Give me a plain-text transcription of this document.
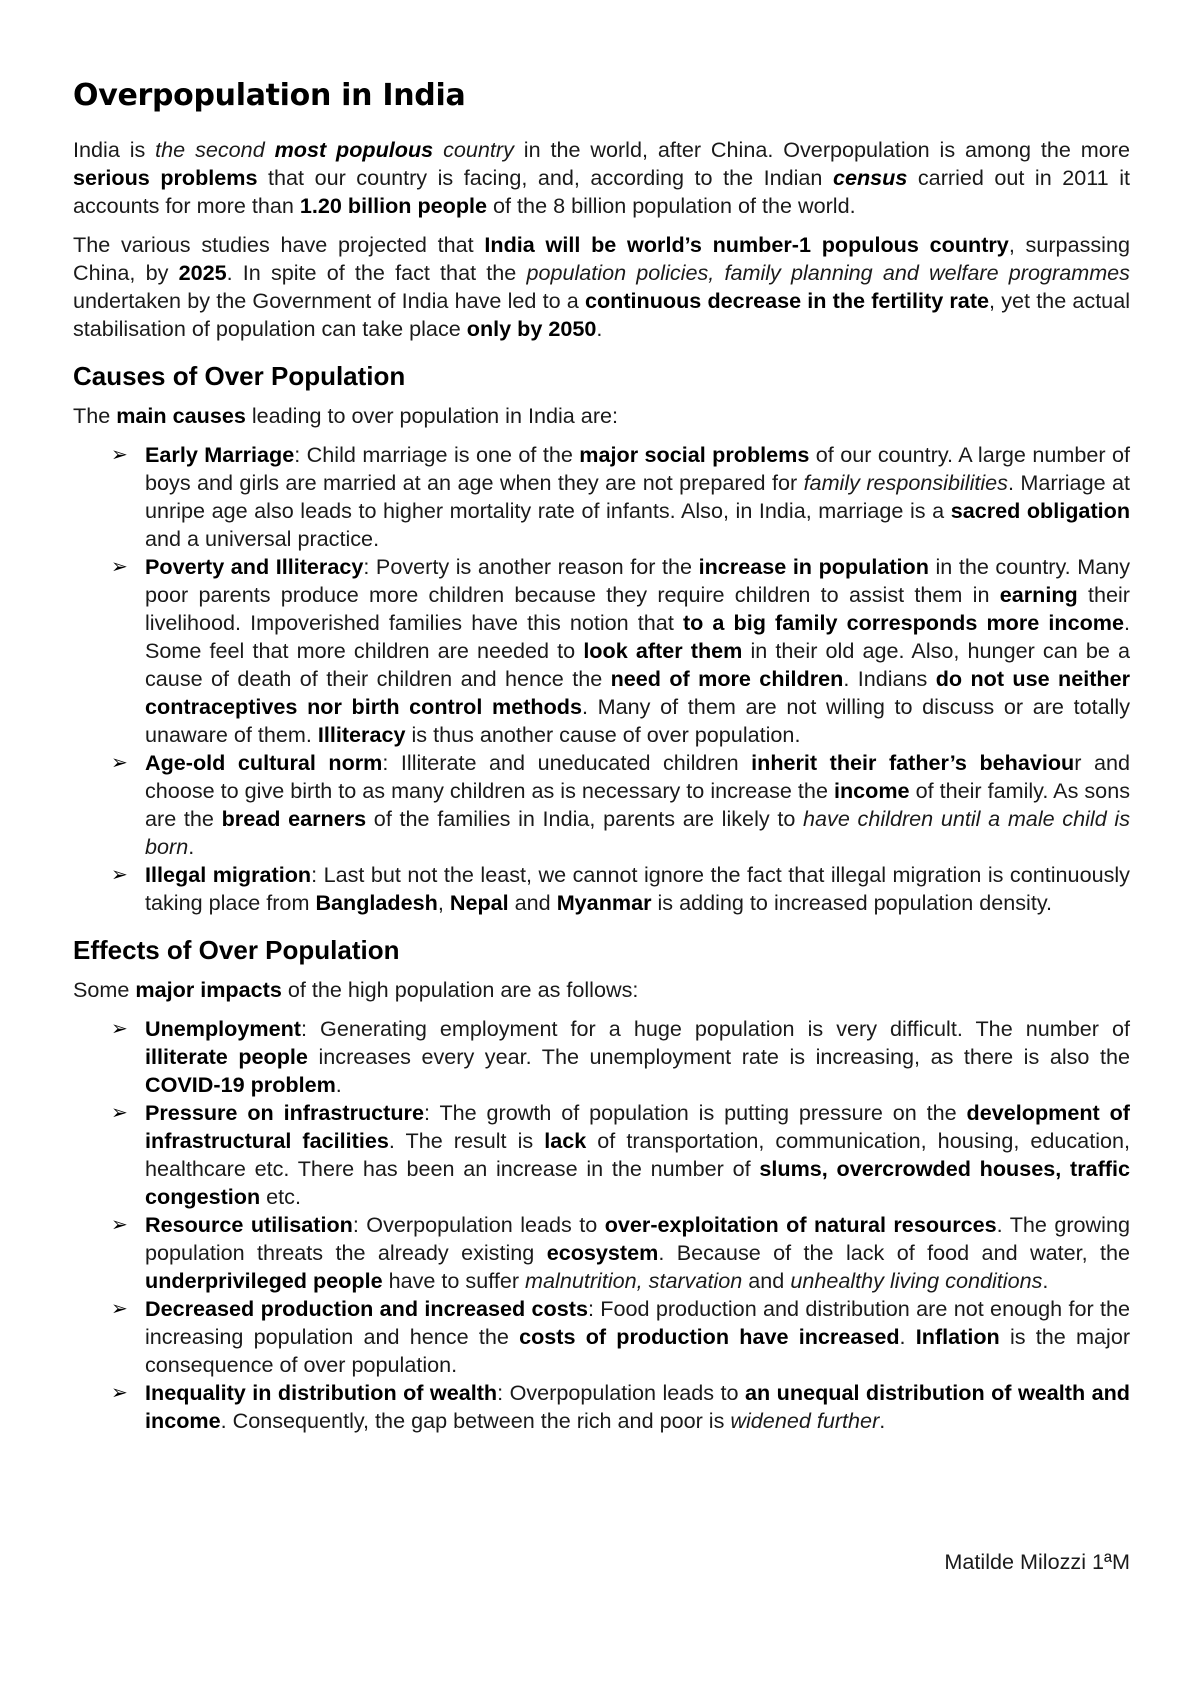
Overpopulation in India

India is the second most populous country in the world, after China. Overpopulation is among the more serious problems that our country is facing, and, according to the Indian census carried out in 2011 it accounts for more than 1.20 billion people of the 8 billion population of the world.

The various studies have projected that India will be world’s number-1 populous country, surpassing China, by 2025. In spite of the fact that the population policies, family planning and welfare programmes undertaken by the Government of India have led to a continuous decrease in the fertility rate, yet the actual stabilisation of population can take place only by 2050.

Causes of Over Population

The main causes leading to over population in India are:

➢ Early Marriage: Child marriage is one of the major social problems of our country. A large number of boys and girls are married at an age when they are not prepared for family responsibilities. Marriage at unripe age also leads to higher mortality rate of infants. Also, in India, marriage is a sacred obligation and a universal practice.
➢ Poverty and Illiteracy: Poverty is another reason for the increase in population in the country. Many poor parents produce more children because they require children to assist them in earning their livelihood. Impoverished families have this notion that to a big family corresponds more income. Some feel that more children are needed to look after them in their old age. Also, hunger can be a cause of death of their children and hence the need of more children. Indians do not use neither contraceptives nor birth control methods. Many of them are not willing to discuss or are totally unaware of them. Illiteracy is thus another cause of over population.
➢ Age-old cultural norm: Illiterate and uneducated children inherit their father’s behaviour and choose to give birth to as many children as is necessary to increase the income of their family. As sons are the bread earners of the families in India, parents are likely to have children until a male child is born.
➢ Illegal migration: Last but not the least, we cannot ignore the fact that illegal migration is continuously taking place from Bangladesh, Nepal and Myanmar is adding to increased population density.
Effects of Over Population

Some major impacts of the high population are as follows:

➢ Unemployment: Generating employment for a huge population is very difficult. The number of illiterate people increases every year. The unemployment rate is increasing, as there is also the COVID-19 problem.
➢ Pressure on infrastructure: The growth of population is putting pressure on the development of infrastructural facilities. The result is lack of transportation, communication, housing, education, healthcare etc. There has been an increase in the number of slums, overcrowded houses, traffic congestion etc.
➢ Resource utilisation: Overpopulation leads to over-exploitation of natural resources. The growing population threats the already existing ecosystem. Because of the lack of food and water, the underprivileged people have to suffer malnutrition, starvation and unhealthy living conditions.
➢ Decreased production and increased costs: Food production and distribution are not enough for the increasing population and hence the costs of production have increased. Inflation is the major consequence of over population.
➢ Inequality in distribution of wealth: Overpopulation leads to an unequal distribution of wealth and income. Consequently, the gap between the rich and poor is widened further.
Matilde Milozzi 1ªM
